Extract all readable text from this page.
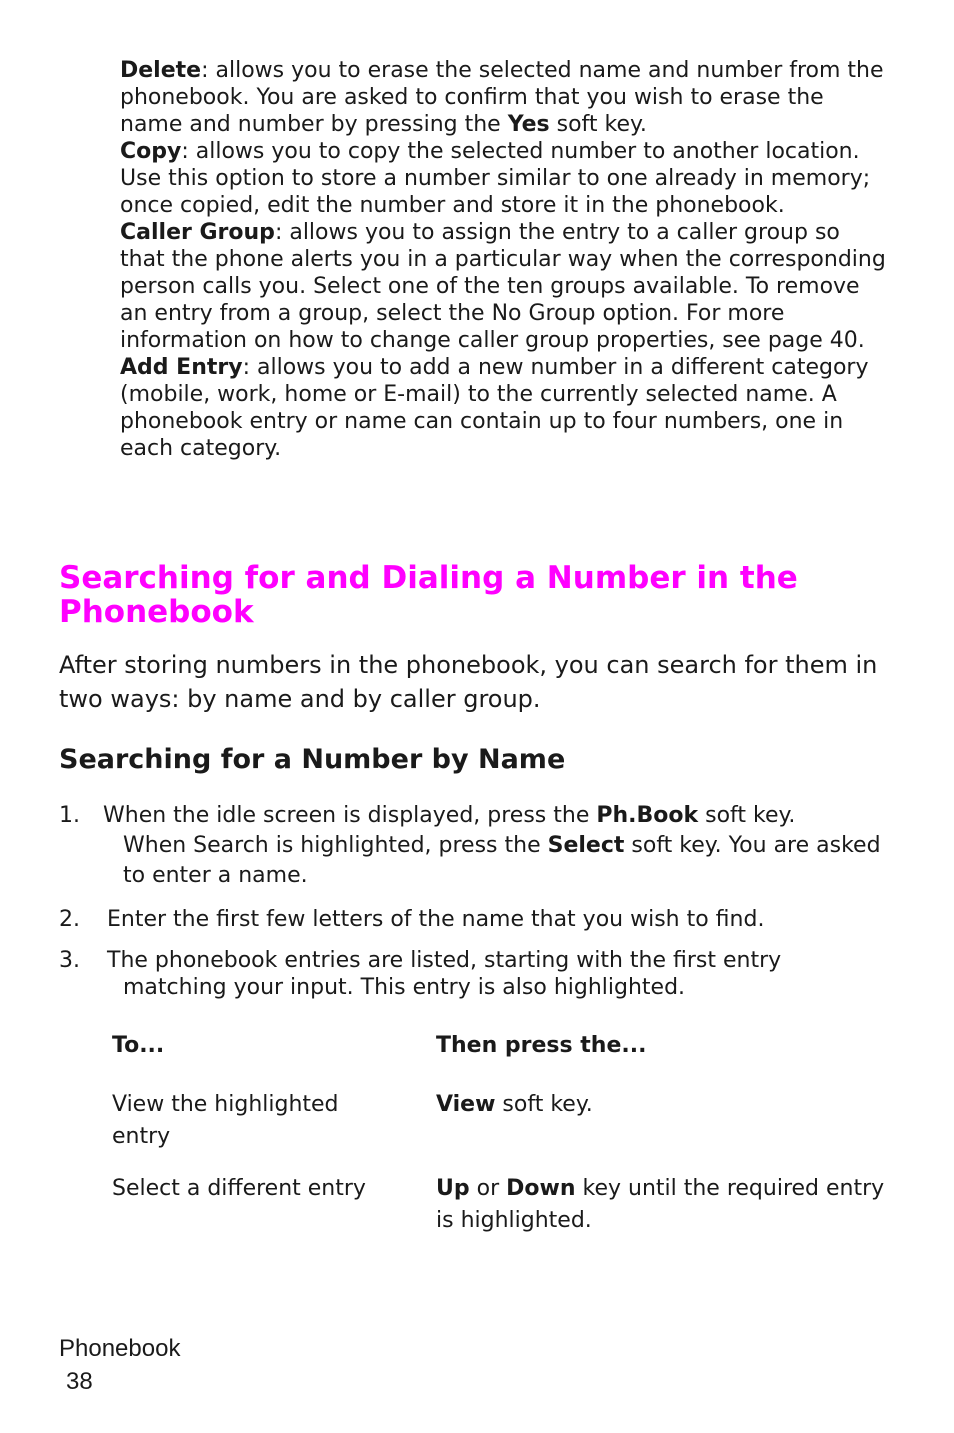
Delete: allows you to erase the selected name and number from the phonebook. You are asked to confirm that you wish to erase the name and number by pressing the Yes soft key.

Copy: allows you to copy the selected number to another location. Use this option to store a number similar to one already in memory; once copied, edit the number and store it in the phonebook.

Caller Group: allows you to assign the entry to a caller group so that the phone alerts you in a particular way when the corresponding person calls you. Select one of the ten groups available. To remove an entry from a group, select the No Group option. For more information on how to change caller group properties, see page 40.

Add Entry: allows you to add a new number in a different category (mobile, work, home or E-mail) to the currently selected name. A phonebook entry or name can contain up to four numbers, one in each category.

Searching for and Dialing a Number in the Phonebook
After storing numbers in the phonebook, you can search for them in two ways: by name and by caller group.
Searching for a Number by Name
1. When the idle screen is displayed, press the Ph.Book soft key.
When Search is highlighted, press the Select soft key. You are asked to enter a name.
2. Enter the first few letters of the name that you wish to find.
3. The phonebook entries are listed, starting with the first entry
matching your input. This entry is also highlighted.
To...	Then press the...
View the highlighted entry
View soft key.
Select a different entry	Up or Down key until the required entry is highlighted.
Phonebook
38
